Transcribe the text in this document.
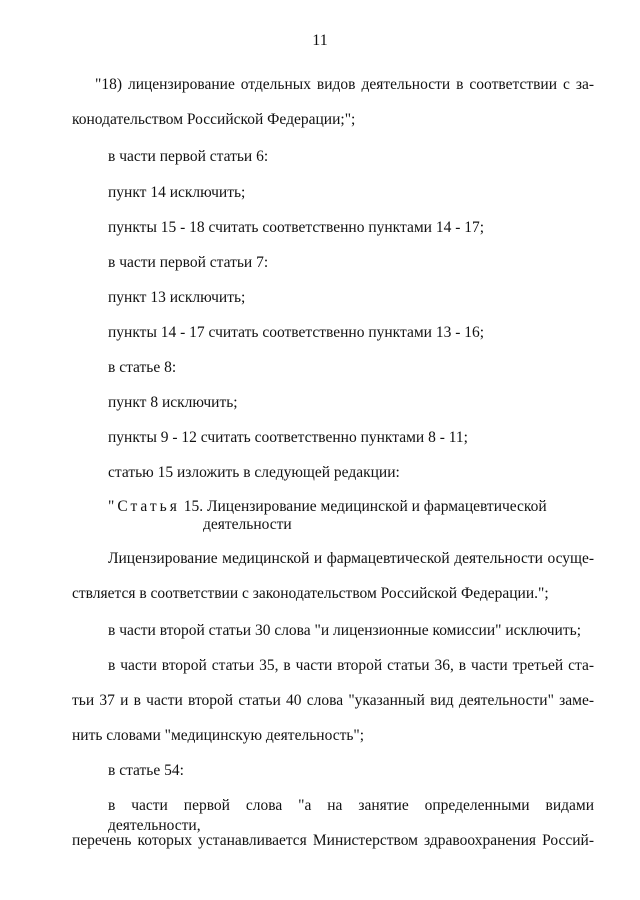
11
"18) лицензирование отдельных видов деятельности в соответствии с за-
конодательством Российской Федерации;";
в части первой статьи 6:
пункт 14 исключить;
пункты 15 - 18 считать соответственно пунктами 14 - 17;
в части первой статьи 7:
пункт 13 исключить;
пункты 14 - 17 считать соответственно пунктами 13 - 16;
в статье 8:
пункт 8 исключить;
пункты 9 - 12 считать соответственно пунктами 8 - 11;
статью 15 изложить в следующей редакции:
"Статья 15. Лицензирование медицинской и фармацевтической
деятельности
Лицензирование медицинской и фармацевтической деятельности осуще-
ствляется в соответствии с законодательством Российской Федерации.";
в части второй статьи 30 слова "и лицензионные комиссии" исключить;
в части второй статьи 35, в части второй статьи 36, в части третьей ста-
тьи 37 и в части второй статьи 40 слова "указанный вид деятельности" заме-
нить словами "медицинскую деятельность";
в статье 54:
в части первой слова "а на занятие определенными видами деятельности,
перечень которых устанавливается Министерством здравоохранения Россий-
